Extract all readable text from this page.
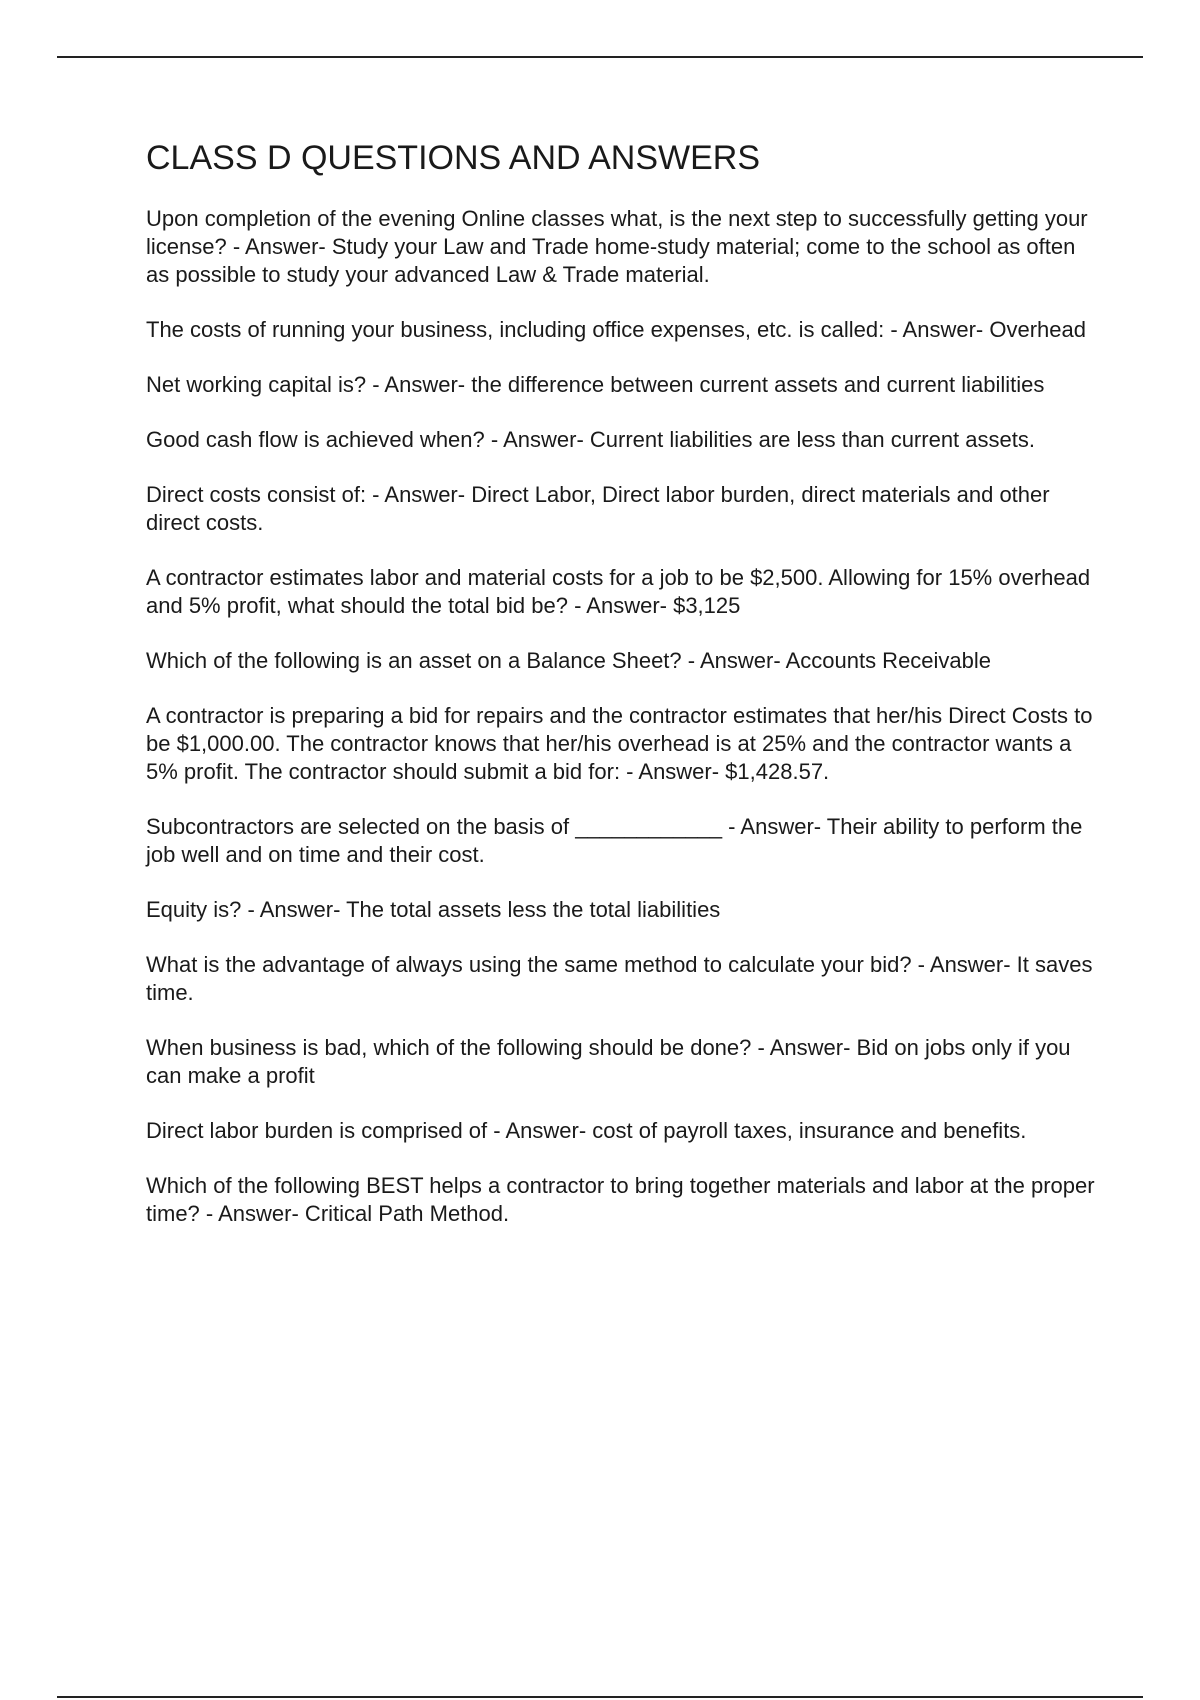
CLASS D QUESTIONS AND ANSWERS
Upon completion of the evening Online classes what, is the next step to successfully getting your license? - Answer- Study your Law and Trade home-study material; come to the school as often as possible to study your advanced Law & Trade material.
The costs of running your business, including office expenses, etc. is called: - Answer- Overhead
Net working capital is? - Answer- the difference between current assets and current liabilities
Good cash flow is achieved when? - Answer- Current liabilities are less than current assets.
Direct costs consist of: - Answer- Direct Labor, Direct labor burden, direct materials and other direct costs.
A contractor estimates labor and material costs for a job to be $2,500. Allowing for 15% overhead and 5% profit, what should the total bid be? - Answer- $3,125
Which of the following is an asset on a Balance Sheet? - Answer- Accounts Receivable
A contractor is preparing a bid for repairs and the contractor estimates that her/his Direct Costs to be $1,000.00. The contractor knows that her/his overhead is at 25% and the contractor wants a 5% profit. The contractor should submit a bid for: - Answer- $1,428.57.
Subcontractors are selected on the basis of ____________ - Answer- Their ability to perform the job well and on time and their cost.
Equity is? - Answer- The total assets less the total liabilities
What is the advantage of always using the same method to calculate your bid? - Answer- It saves time.
When business is bad, which of the following should be done? - Answer- Bid on jobs only if you can make a profit
Direct labor burden is comprised of - Answer- cost of payroll taxes, insurance and benefits.
Which of the following BEST helps a contractor to bring together materials and labor at the proper time? - Answer- Critical Path Method.
